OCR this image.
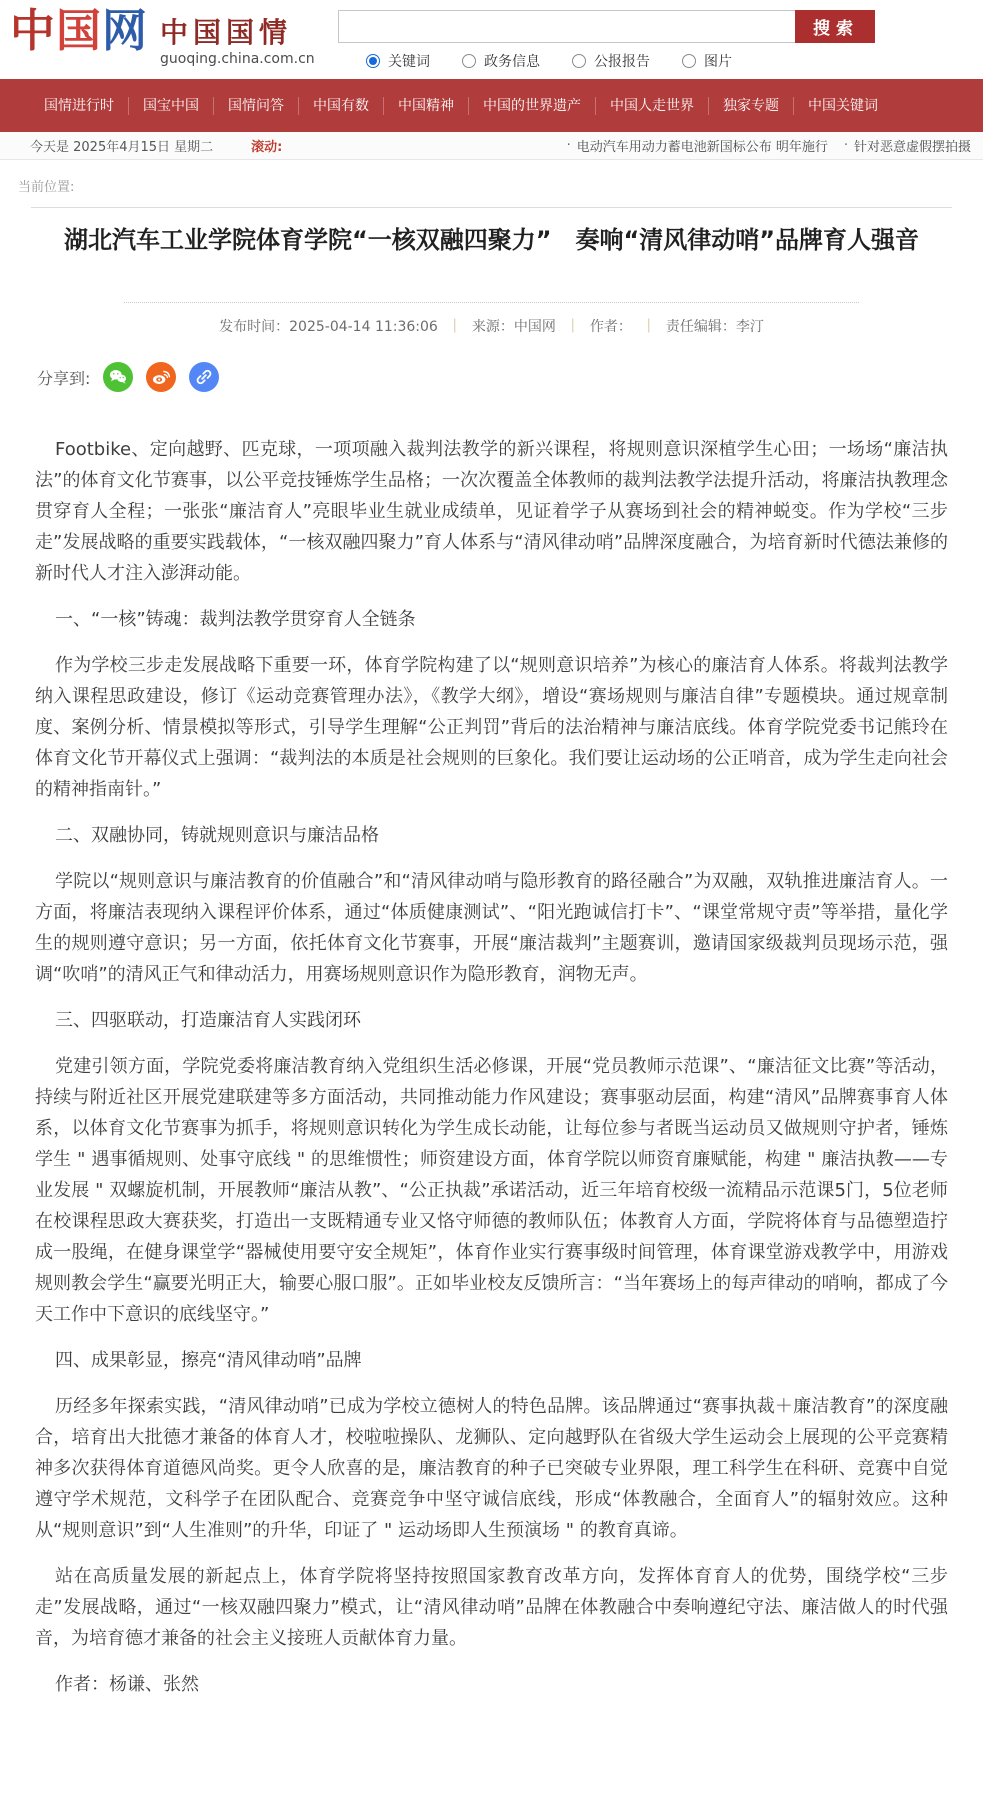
中国网 中国国情
guoqing.china.com.cn
搜索
关键词	政务信息	公报报告	图片
国情进行时	国宝中国	国情问答	中国有数	中国精神	中国的世界遗产	中国人走世界	独家专题	中国关键词
今天是 2025年4月15日 星期二	滚动:	· 电动汽车用动力蓄电池新国标公布 明年施行 · 针对恶意虚假摆拍摄
当前位置:
湖北汽车工业学院体育学院“一核双融四聚力”　奏响“清风律动哨”品牌育人强音
发布时间：2025-04-14 11:36:06 ｜ 来源：中国网 ｜ 作者： ｜ 责任编辑：李汀
分享到:

Footbike、定向越野、匹克球，一项项融入裁判法教学的新兴课程，将规则意识深植学生心田；一场场“廉洁执法”的体育文化节赛事，以公平竞技锤炼学生品格；一次次覆盖全体教师的裁判法教学法提升活动，将廉洁执教理念贯穿育人全程；一张张“廉洁育人”亮眼毕业生就业成绩单，见证着学子从赛场到社会的精神蜕变。作为学校“三步走”发展战略的重要实践载体，“一核双融四聚力”育人体系与“清风律动哨”品牌深度融合，为培育新时代德法兼修的新时代人才注入澎湃动能。

一、“一核”铸魂：裁判法教学贯穿育人全链条

作为学校三步走发展战略下重要一环，体育学院构建了以“规则意识培养”为核心的廉洁育人体系。将裁判法教学纳入课程思政建设，修订《运动竞赛管理办法》，《教学大纲》，增设“赛场规则与廉洁自律”专题模块。通过规章制度、案例分析、情景模拟等形式，引导学生理解“公正判罚”背后的法治精神与廉洁底线。体育学院党委书记熊玲在体育文化节开幕仪式上强调：“裁判法的本质是社会规则的巨象化。我们要让运动场的公正哨音，成为学生走向社会的精神指南针。”

二、双融协同，铸就规则意识与廉洁品格

学院以“规则意识与廉洁教育的价值融合”和“清风律动哨与隐形教育的路径融合”为双融，双轨推进廉洁育人。一方面，将廉洁表现纳入课程评价体系，通过“体质健康测试”、“阳光跑诚信打卡”、“课堂常规守责”等举措，量化学生的规则遵守意识；另一方面，依托体育文化节赛事，开展“廉洁裁判”主题赛训，邀请国家级裁判员现场示范，强调“吹哨”的清风正气和律动活力，用赛场规则意识作为隐形教育，润物无声。

三、四驱联动，打造廉洁育人实践闭环

党建引领方面，学院党委将廉洁教育纳入党组织生活必修课，开展“党员教师示范课”、“廉洁征文比赛”等活动，持续与附近社区开展党建联建等多方面活动，共同推动能力作风建设；赛事驱动层面，构建“清风”品牌赛事育人体系，以体育文化节赛事为抓手，将规则意识转化为学生成长动能，让每位参与者既当运动员又做规则守护者，锤炼学生 " 遇事循规则、处事守底线 " 的思维惯性；师资建设方面，体育学院以师资育廉赋能，构建 " 廉洁执教——专业发展 " 双螺旋机制，开展教师“廉洁从教”、“公正执裁”承诺活动，近三年培育校级一流精品示范课5门，5位老师在校课程思政大赛获奖，打造出一支既精通专业又恪守师德的教师队伍；体教育人方面，学院将体育与品德塑造拧成一股绳，在健身课堂学“器械使用要守安全规矩”，体育作业实行赛事级时间管理，体育课堂游戏教学中，用游戏规则教会学生“赢要光明正大，输要心服口服”。正如毕业校友反馈所言：“当年赛场上的每声律动的哨响，都成了今天工作中下意识的底线坚守。”

四、成果彰显，擦亮“清风律动哨”品牌

历经多年探索实践，“清风律动哨”已成为学校立德树人的特色品牌。该品牌通过“赛事执裁＋廉洁教育”的深度融合，培育出大批德才兼备的体育人才，校啦啦操队、龙狮队、定向越野队在省级大学生运动会上展现的公平竞赛精神多次获得体育道德风尚奖。更令人欣喜的是，廉洁教育的种子已突破专业界限，理工科学生在科研、竞赛中自觉遵守学术规范，文科学子在团队配合、竞赛竞争中坚守诚信底线，形成“体教融合，全面育人”的辐射效应。这种从“规则意识”到“人生准则”的升华，印证了 " 运动场即人生预演场 " 的教育真谛。

站在高质量发展的新起点上，体育学院将坚持按照国家教育改革方向，发挥体育育人的优势，围绕学校“三步走”发展战略，通过“一核双融四聚力”模式，让“清风律动哨”品牌在体教融合中奏响遵纪守法、廉洁做人的时代强音，为培育德才兼备的社会主义接班人贡献体育力量。

作者：杨谦、张然
